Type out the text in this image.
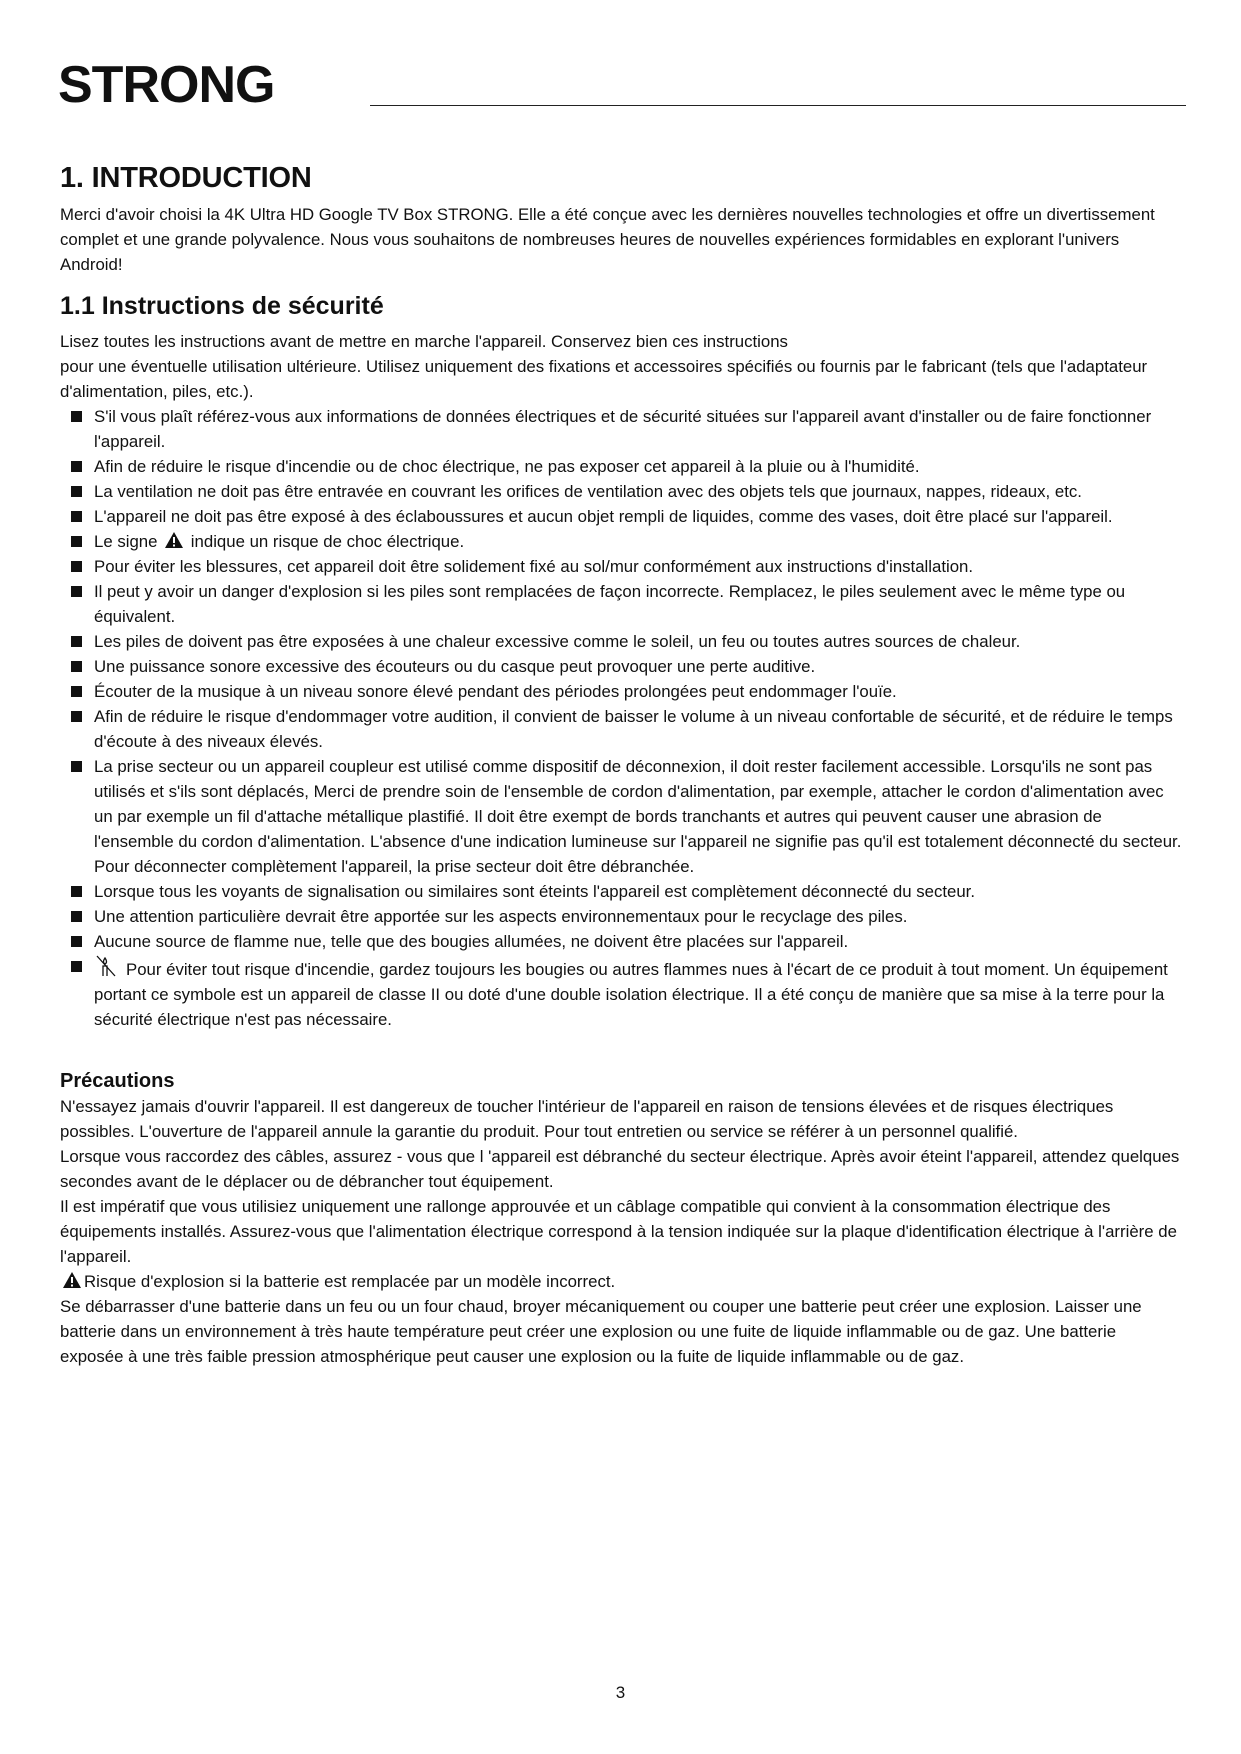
STRONG
1. INTRODUCTION

Merci d'avoir choisi la 4K Ultra HD Google TV Box STRONG. Elle a été conçue avec les dernières nouvelles technologies et offre un divertissement complet et une grande polyvalence. Nous vous souhaitons de nombreuses heures de nouvelles expériences formidables en explorant l'univers Android!

1.1 Instructions de sécurité

Lisez toutes les instructions avant de mettre en marche l'appareil. Conservez bien ces instructions

pour une éventuelle utilisation ultérieure. Utilisez uniquement des fixations et accessoires spécifiés ou fournis par le fabricant (tels que l'adaptateur d'alimentation, piles, etc.).

S'il vous plaît référez-vous aux informations de données électriques et de sécurité situées sur l'appareil avant d'installer ou de faire fonctionner l'appareil.
Afin de réduire le risque d'incendie ou de choc électrique, ne pas exposer cet appareil à la pluie ou à l'humidité.
La ventilation ne doit pas être entravée en couvrant les orifices de ventilation avec des objets tels que journaux, nappes, rideaux, etc.
L'appareil ne doit pas être exposé à des éclaboussures et aucun objet rempli de liquides, comme des vases, doit être placé sur l'appareil.
Le signe indique un risque de choc électrique.
Pour éviter les blessures, cet appareil doit être solidement fixé au sol/mur conformément aux instructions d'installation.
Il peut y avoir un danger d'explosion si les piles sont remplacées de façon incorrecte. Remplacez, le piles seulement avec le même type ou équivalent.
Les piles de doivent pas être exposées à une chaleur excessive comme le soleil, un feu ou toutes autres sources de chaleur.
Une puissance sonore excessive des écouteurs ou du casque peut provoquer une perte auditive.
Écouter de la musique à un niveau sonore élevé pendant des périodes prolongées peut endommager l'ouïe.
Afin de réduire le risque d'endommager votre audition, il convient de baisser le volume à un niveau confortable de sécurité, et de réduire le temps d'écoute à des niveaux élevés.
La prise secteur ou un appareil coupleur est utilisé comme dispositif de déconnexion, il doit rester facilement accessible. Lorsqu'ils ne sont pas utilisés et s'ils sont déplacés, Merci de prendre soin de l'ensemble de cordon d'alimentation, par exemple, attacher le cordon d'alimentation avec un par exemple un fil d'attache métallique plastifié. Il doit être exempt de bords tranchants et autres qui peuvent causer une abrasion de l'ensemble du cordon d'alimentation. L'absence d'une indication lumineuse sur l'appareil ne signifie pas qu'il est totalement déconnecté du secteur. Pour déconnecter complètement l'appareil, la prise secteur doit être débranchée.
Lorsque tous les voyants de signalisation ou similaires sont éteints l'appareil est complètement déconnecté du secteur.
Une attention particulière devrait être apportée sur les aspects environnementaux pour le recyclage des piles.
Aucune source de flamme nue, telle que des bougies allumées, ne doivent être placées sur l'appareil.
Pour éviter tout risque d'incendie, gardez toujours les bougies ou autres flammes nues à l'écart de ce produit à tout moment. Un équipement portant ce symbole est un appareil de classe II ou doté d'une double isolation électrique. Il a été conçu de manière que sa mise à la terre pour la sécurité électrique n'est pas nécessaire.
Précautions

N'essayez jamais d'ouvrir l'appareil. Il est dangereux de toucher l'intérieur de l'appareil en raison de tensions élevées et de risques électriques possibles. L'ouverture de l'appareil annule la garantie du produit. Pour tout entretien ou service se référer à un personnel qualifié.

Lorsque vous raccordez des câbles, assurez - vous que l 'appareil est débranché du secteur électrique. Après avoir éteint l'appareil, attendez quelques secondes avant de le déplacer ou de débrancher tout équipement.

Il est impératif que vous utilisiez uniquement une rallonge approuvée et un câblage compatible qui convient à la consommation électrique des équipements installés. Assurez-vous que l'alimentation électrique correspond à la tension indiquée sur la plaque d'identification électrique à l'arrière de l'appareil.

Risque d'explosion si la batterie est remplacée par un modèle incorrect.

Se débarrasser d'une batterie dans un feu ou un four chaud, broyer mécaniquement ou couper une batterie peut créer une explosion. Laisser une batterie dans un environnement à très haute température peut créer une explosion ou une fuite de liquide inflammable ou de gaz. Une batterie exposée à une très faible pression atmosphérique peut causer une explosion ou la fuite de liquide inflammable ou de gaz.

3
